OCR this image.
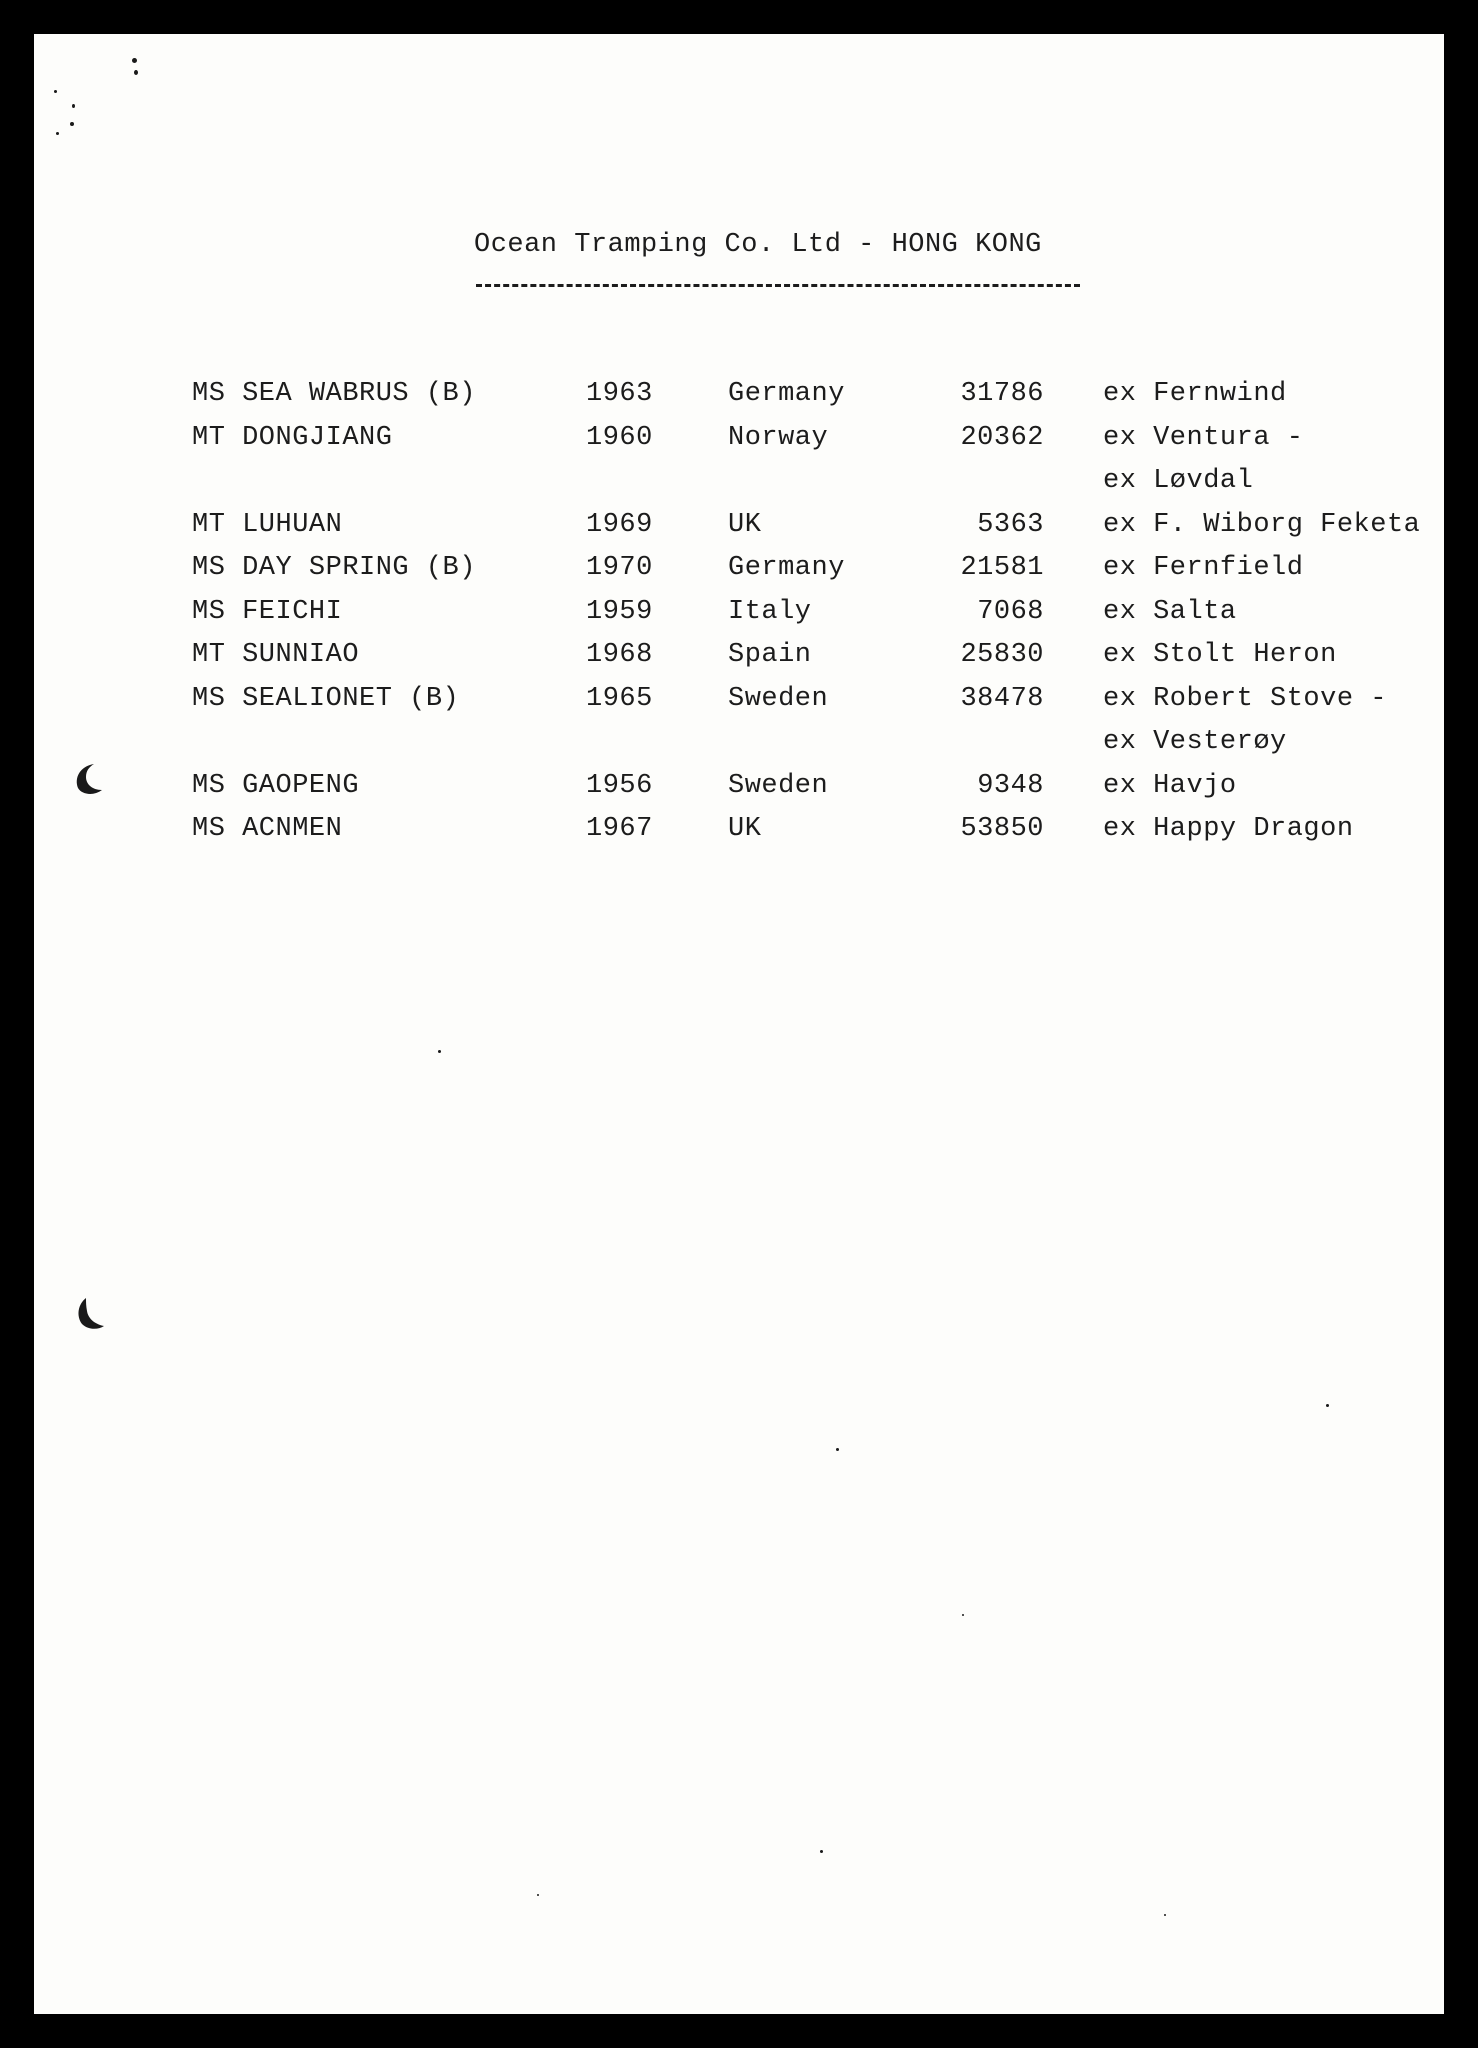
Ocean Tramping Co. Ltd - HONG KONG
MS SEA WABRUS (B)	1963	Germany	31786 ex Fernwind
MT DONGJIANG	1960	Norway	20362 ex Ventura -
ex Løvdal
MT LUHUAN	1969	UK	5363 ex F. Wiborg Feketa
MS DAY SPRING (B)	1970	Germany	21581 ex Fernfield
MS FEICHI	1959	Italy	7068 ex Salta
MT SUNNIAO	1968	Spain	25830 ex Stolt Heron
MS SEALIONET (B)	1965	Sweden	38478 ex Robert Stove -
ex Vesterøy
MS GAOPENG	1956	Sweden	9348 ex Havjo
MS ACNMEN	1967	UK	53850 ex Happy Dragon
